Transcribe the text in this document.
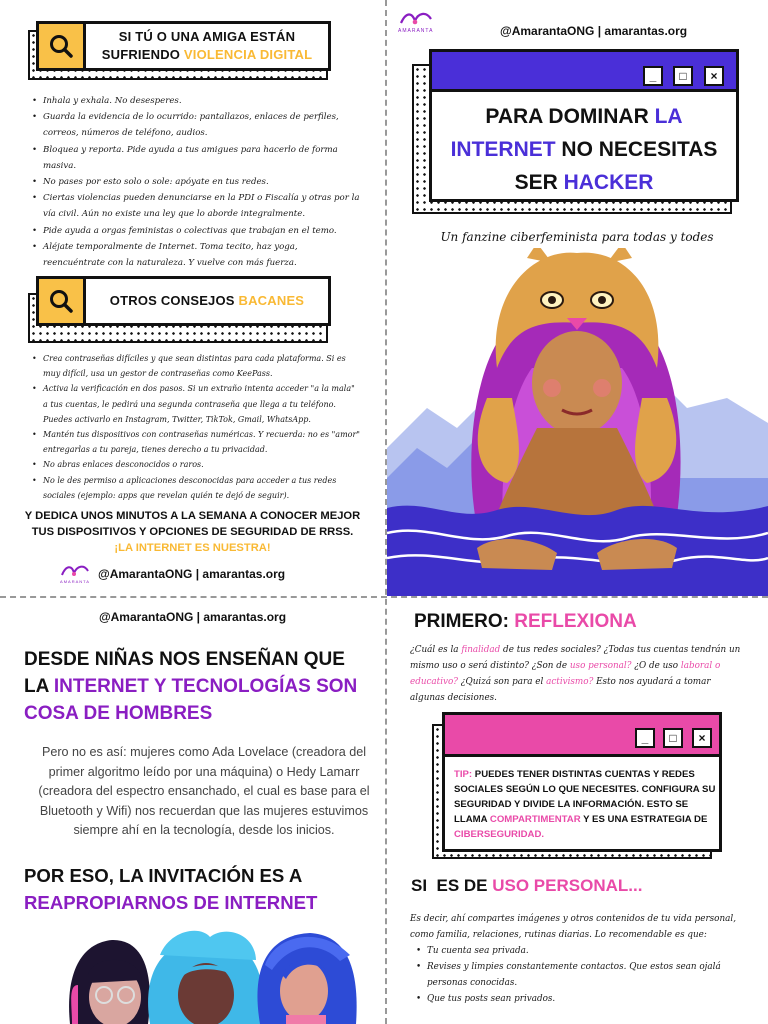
SI TÚ O UNA AMIGA ESTÁN
SUFRIENDO VIOLENCIA DIGITAL
• Inhala y exhala. No desesperes.
• Guarda la evidencia de lo ocurrido: pantallazos, enlaces de perfiles, correos, números de teléfono, audios.
• Bloquea y reporta. Pide ayuda a tus amigues para hacerlo de forma masiva.
• No pases por esto solo o sole: apóyate en tus redes.
• Ciertas violencias pueden denunciarse en la PDI o Fiscalía y otras por la vía civil. Aún no existe una ley que lo aborde integralmente.
• Pide ayuda a orgas feministas o colectivas que trabajan en el temo.
• Aléjate temporalmente de Internet. Toma tecito, haz yoga, reencuéntrate con la naturaleza. Y vuelve con más fuerza.
OTROS CONSEJOS BACANES
• Crea contraseñas difíciles y que sean distintas para cada plataforma. Si es muy difícil, usa un gestor de contraseñas como KeePass.
• Activa la verificación en dos pasos. Si un extraño intenta acceder "a la mala" a tus cuentas, le pedirá una segunda contraseña que llega a tu teléfono. Puedes activarlo en Instagram, Twitter, TikTok, Gmail, WhatsApp.
• Mantén tus dispositivos con contraseñas numéricas. Y recuerda: no es "amor" entregarlas a tu pareja, tienes derecho a tu privacidad.
• No abras enlaces desconocidos o raros.
• No le des permiso a aplicaciones desconocidas para acceder a tus redes sociales (ejemplo: apps que revelan quién te dejó de seguir).
Y DEDICA UNOS MINUTOS A LA SEMANA A CONOCER MEJOR
TUS DISPOSITIVOS Y OPCIONES DE SEGURIDAD DE RRSS.
¡LA INTERNET ES NUESTRA!
AMARANTA
@AmarantaONG | amarantas.org
@AmarantaONG | amarantas.org
DESDE NIÑAS NOS ENSEÑAN QUE
LA INTERNET Y TECNOLOGÍAS SON
COSA DE HOMBRES

Pero no es así: mujeres como Ada Lovelace (creadora del primer algoritmo leído por una máquina) o Hedy Lamarr (creadora del espectro ensanchado, el cual es base para el Bluetooth y Wifi) nos recuerdan que las mujeres estuvimos siempre ahí en la tecnología, desde los inicios.

POR ESO, LA INVITACIÓN ES A
REAPROPIARNOS DE INTERNET
AMARANTA	@AmarantaONG | amarantas.org
_	□	×
PARA DOMINAR LA
INTERNET NO NECESITAS
SER HACKER
Un fanzine ciberfeminista para todas y todes
PRIMERO: REFLEXIONA

¿Cuál es la finalidad de tus redes sociales? ¿Todas tus cuentas tendrán un mismo uso o será distinto? ¿Son de uso personal? ¿O de uso laboral o educativo? ¿Quizá son para el activismo? Esto nos ayudará a tomar algunas decisiones.

_	□	×

TIP: PUEDES TENER DISTINTAS CUENTAS Y REDES SOCIALES SEGÚN LO QUE NECESITES. CONFIGURA SU SEGURIDAD Y DIVIDE LA INFORMACIÓN. ESTO SE LLAMA COMPARTIMENTAR Y ES UNA ESTRATEGIA DE CIBERSEGURIDAD.

SI  ES DE USO PERSONAL...

Es decir, ahí compartes imágenes y otros contenidos de tu vida personal, como familia, relaciones, rutinas diarias. Lo recomendable es que:

• Tu cuenta sea privada.
• Revises y limpies constantemente contactos. Que estos sean ojalá personas conocidas.
• Que tus posts sean privados.
